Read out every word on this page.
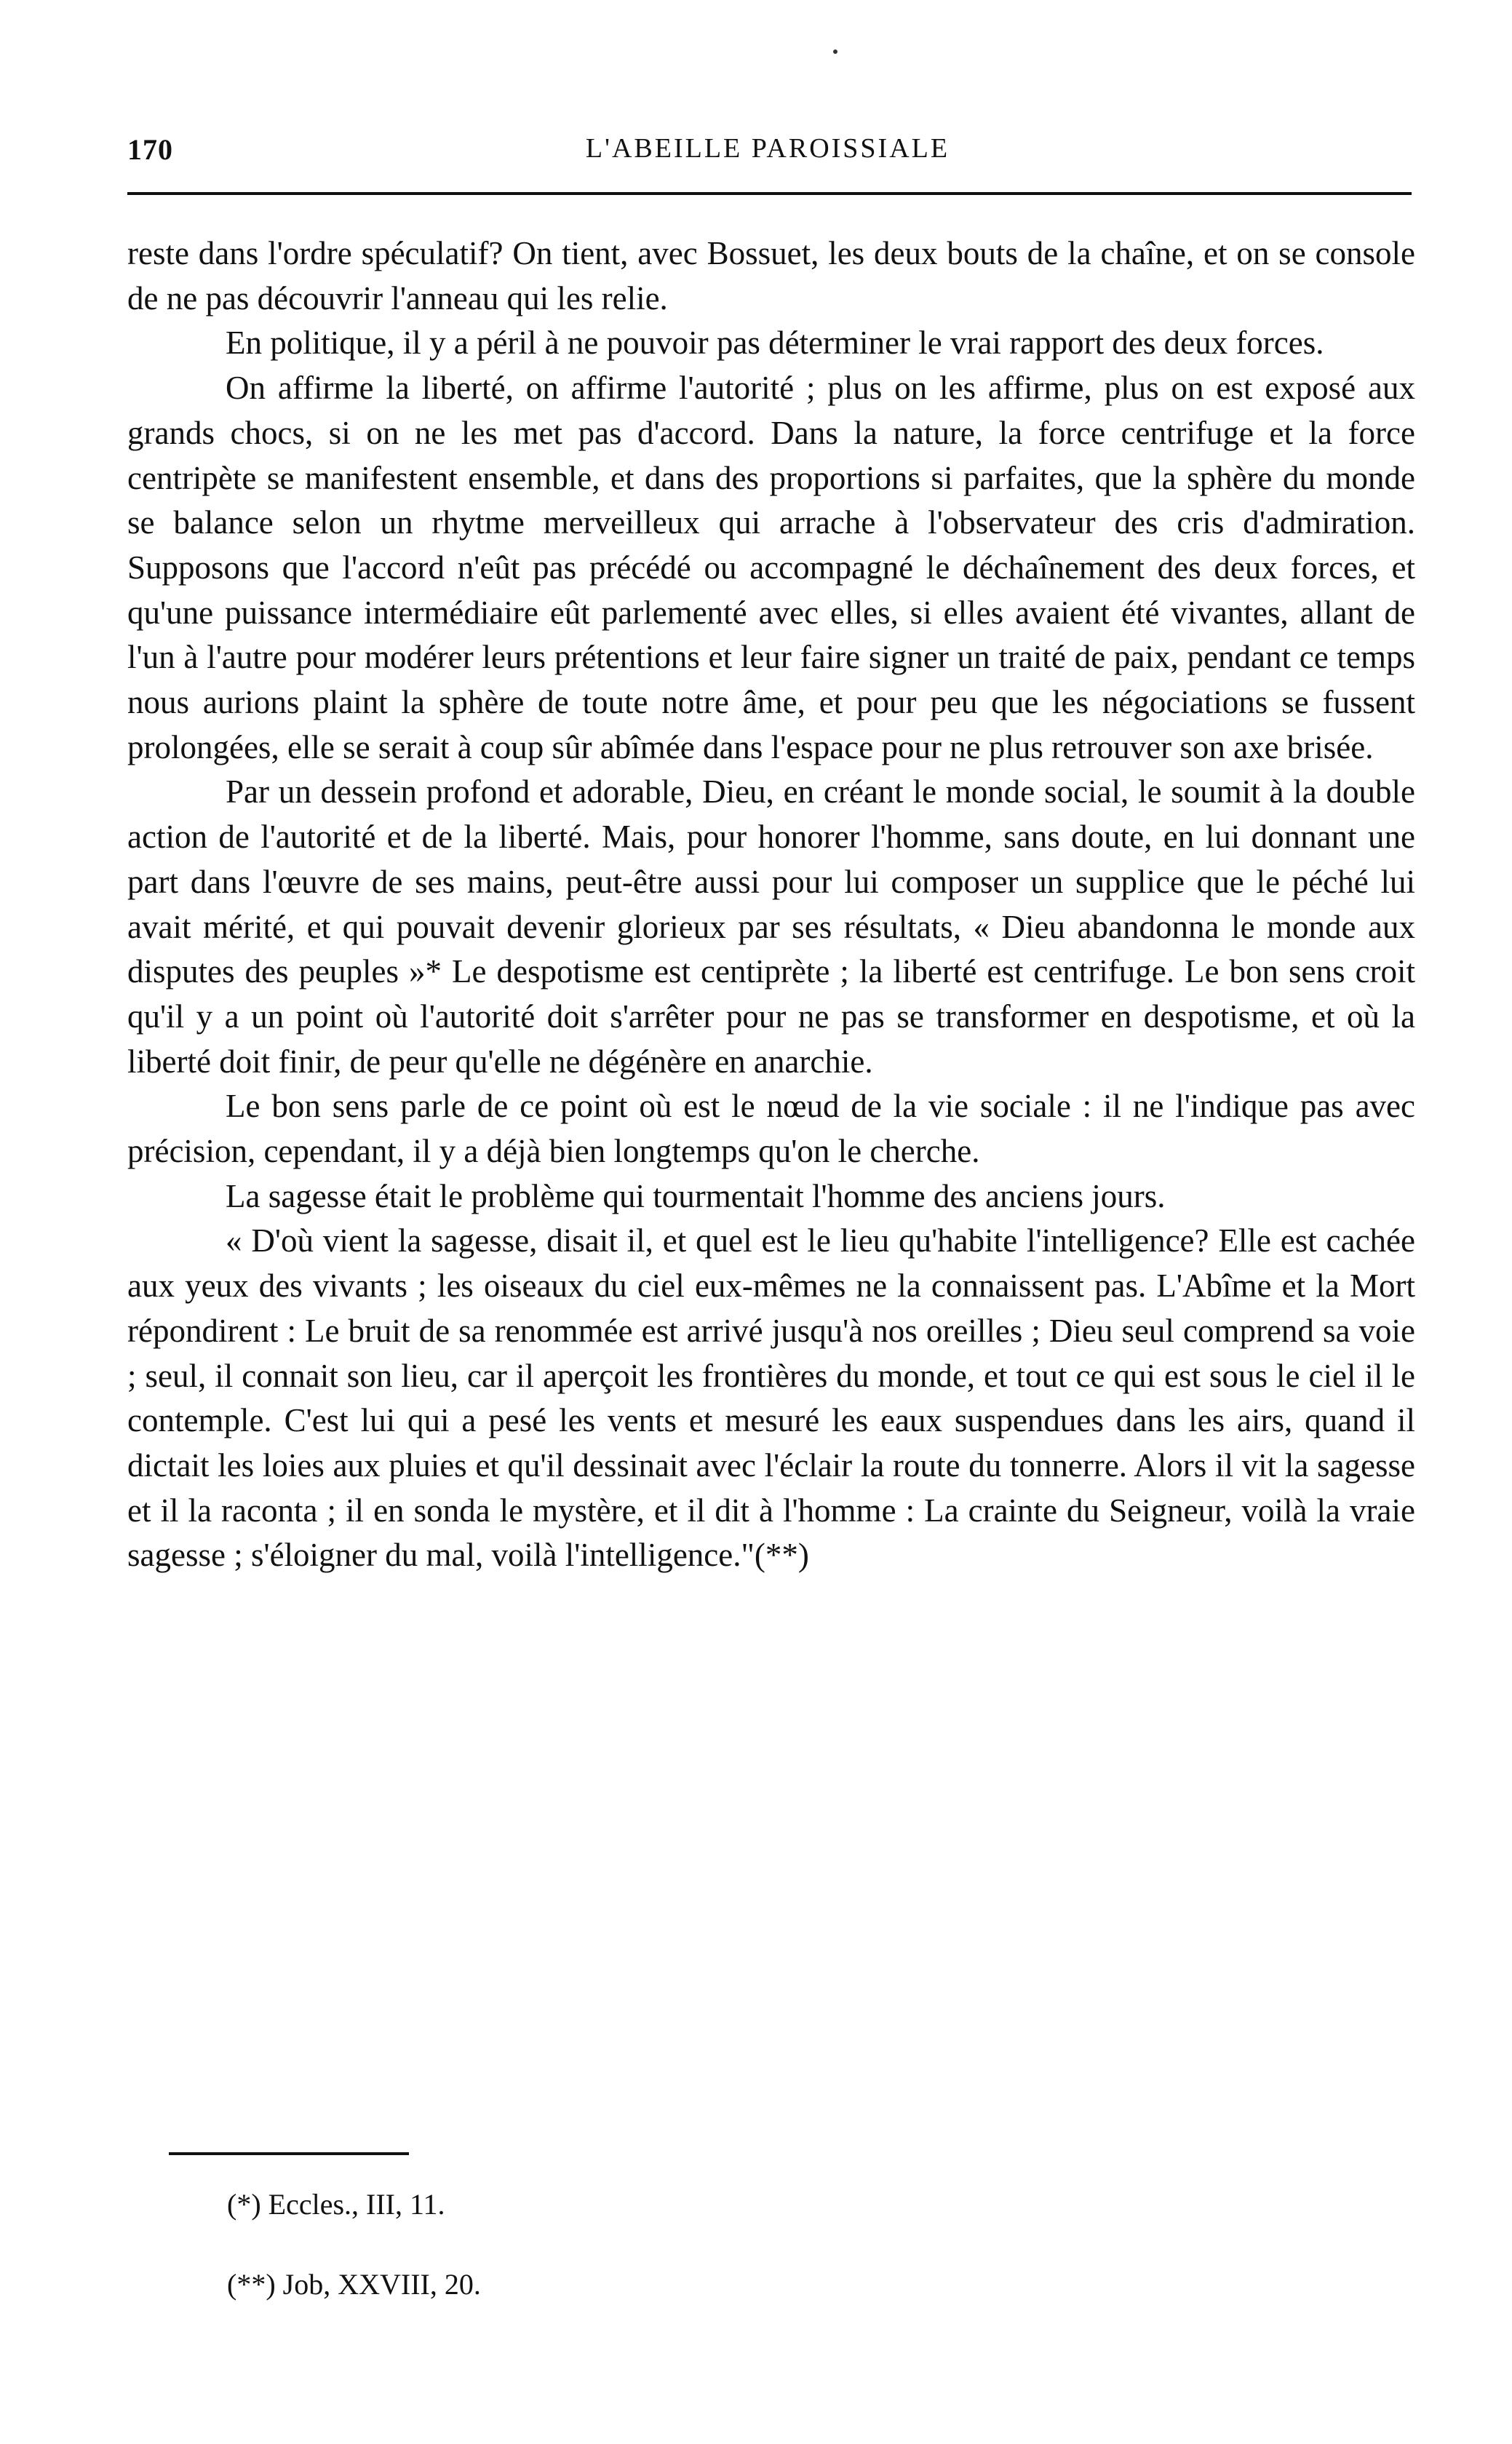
170	L'ABEILLE PAROISSIALE

reste dans l'ordre spéculatif? On tient, avec Bossuet, les deux bouts de la chaîne, et on se console de ne pas découvrir l'anneau qui les relie.

En politique, il y a péril à ne pouvoir pas déterminer le vrai rapport des deux forces.

On affirme la liberté, on affirme l'autorité ; plus on les affirme, plus on est exposé aux grands chocs, si on ne les met pas d'accord. Dans la nature, la force centrifuge et la force centripète se manifestent ensemble, et dans des proportions si parfaites, que la sphère du monde se balance selon un rhytme merveilleux qui arrache à l'observateur des cris d'admiration. Supposons que l'accord n'eût pas précédé ou accompagné le déchaînement des deux forces, et qu'une puissance intermédiaire eût parlementé avec elles, si elles avaient été vivantes, allant de l'un à l'autre pour modérer leurs prétentions et leur faire signer un traité de paix, pendant ce temps nous aurions plaint la sphère de toute notre âme, et pour peu que les négociations se fussent prolongées, elle se serait à coup sûr abîmée dans l'espace pour ne plus retrouver son axe brisée.

Par un dessein profond et adorable, Dieu, en créant le monde social, le soumit à la double action de l'autorité et de la liberté. Mais, pour honorer l'homme, sans doute, en lui donnant une part dans l'œuvre de ses mains, peut-être aussi pour lui composer un supplice que le péché lui avait mérité, et qui pouvait devenir glorieux par ses résultats, « Dieu abandonna le monde aux disputes des peuples »* Le despotisme est centiprète ; la liberté est centrifuge. Le bon sens croit qu'il y a un point où l'autorité doit s'arrêter pour ne pas se transformer en despotisme, et où la liberté doit finir, de peur qu'elle ne dégénère en anarchie.

Le bon sens parle de ce point où est le nœud de la vie sociale : il ne l'indique pas avec précision, cependant, il y a déjà bien longtemps qu'on le cherche.

La sagesse était le problème qui tourmentait l'homme des anciens jours.

« D'où vient la sagesse, disait il, et quel est le lieu qu'habite l'intelligence? Elle est cachée aux yeux des vivants ; les oiseaux du ciel eux-mêmes ne la connaissent pas. L'Abîme et la Mort répondirent : Le bruit de sa renommée est arrivé jusqu'à nos oreilles ; Dieu seul comprend sa voie ; seul, il connait son lieu, car il aperçoit les frontières du monde, et tout ce qui est sous le ciel il le contemple. C'est lui qui a pesé les vents et mesuré les eaux suspendues dans les airs, quand il dictait les loies aux pluies et qu'il dessinait avec l'éclair la route du tonnerre. Alors il vit la sagesse et il la raconta ; il en sonda le mystère, et il dit à l'homme : La crainte du Seigneur, voilà la vraie sagesse ; s'éloigner du mal, voilà l'intelligence."(**)

(*) Eccles., III, 11.
(**) Job, XXVIII, 20.
